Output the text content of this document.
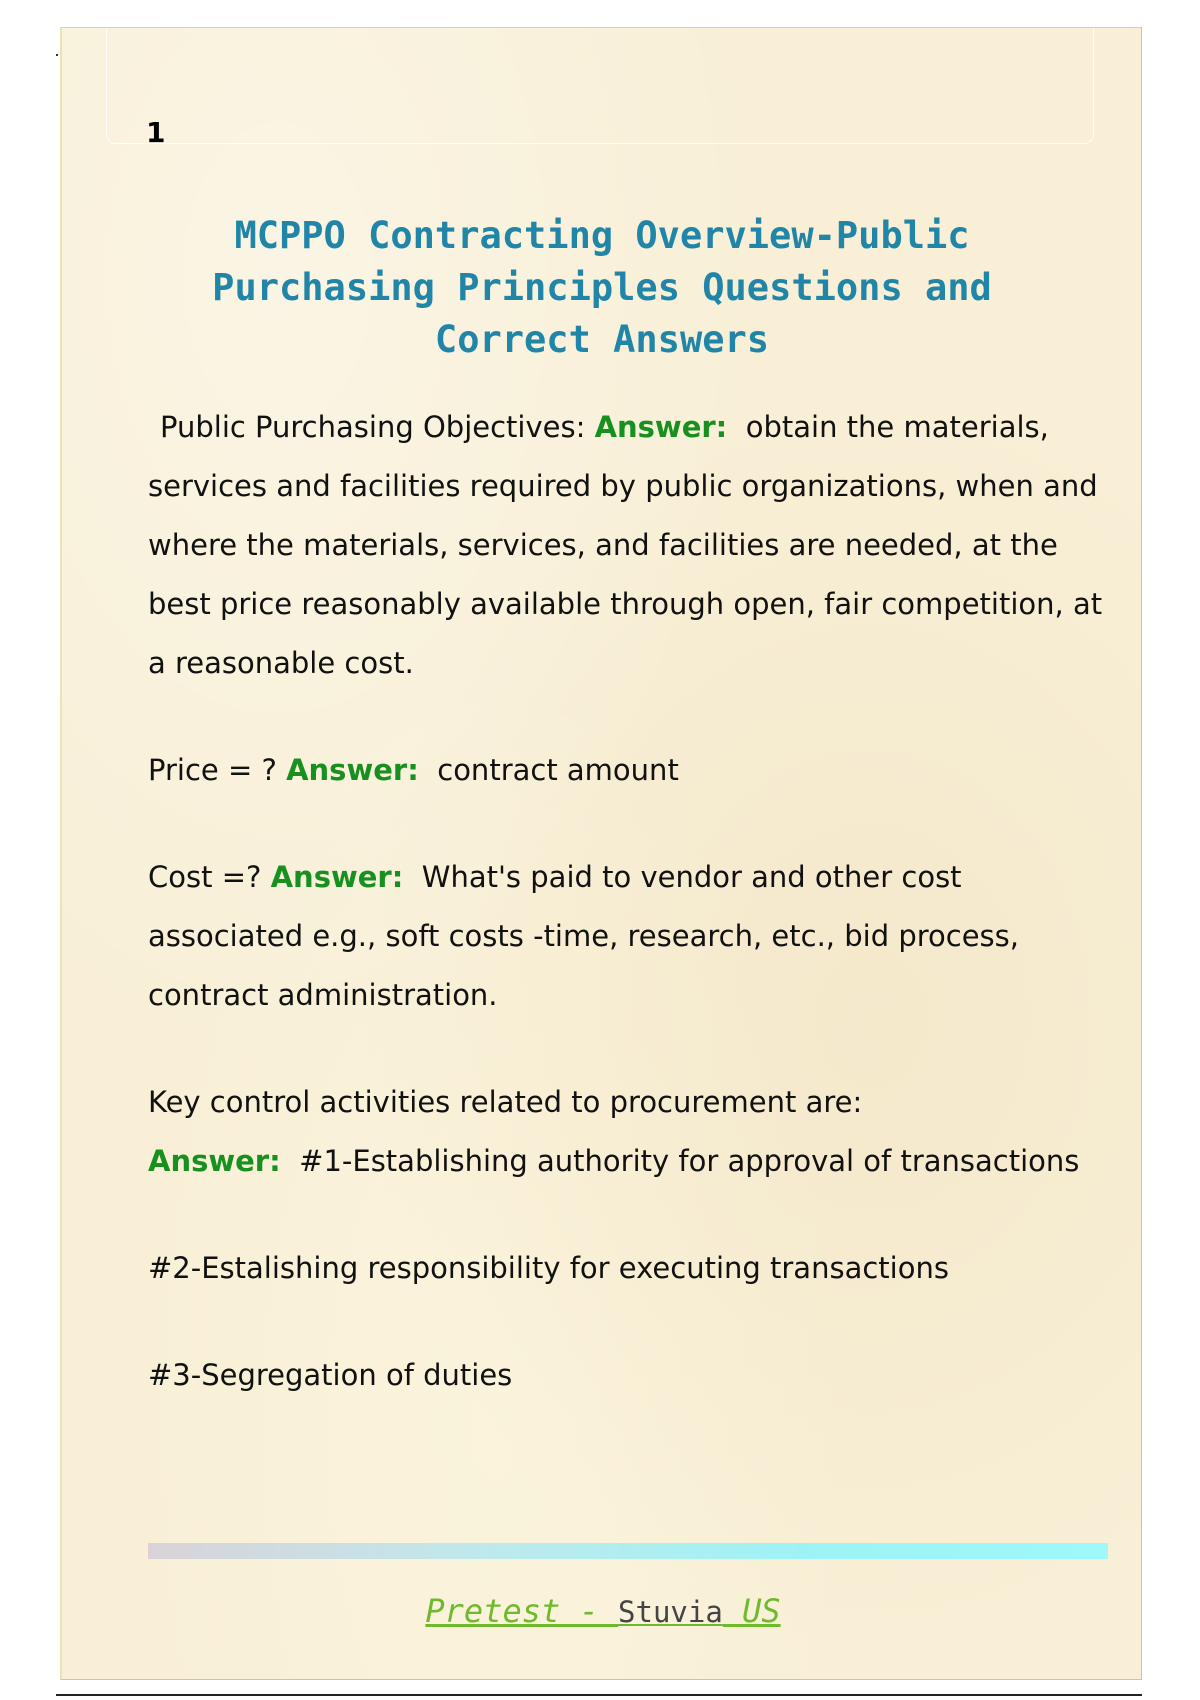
1
MCPPO Contracting Overview-Public Purchasing Principles Questions and Correct Answers

Public Purchasing Objectives: Answer: obtain the materials, services and facilities required by public organizations, when and where the materials, services, and facilities are needed, at the best price reasonably available through open, fair competition, at a reasonable cost.

Price = ? Answer: contract amount

Cost =? Answer: What's paid to vendor and other cost associated e.g., soft costs -time, research, etc., bid process, contract administration.

Key control activities related to procurement are:
Answer: #1-Establishing authority for approval of transactions

#2-Estalishing responsibility for executing transactions

#3-Segregation of duties

Pretest - Stuvia US
